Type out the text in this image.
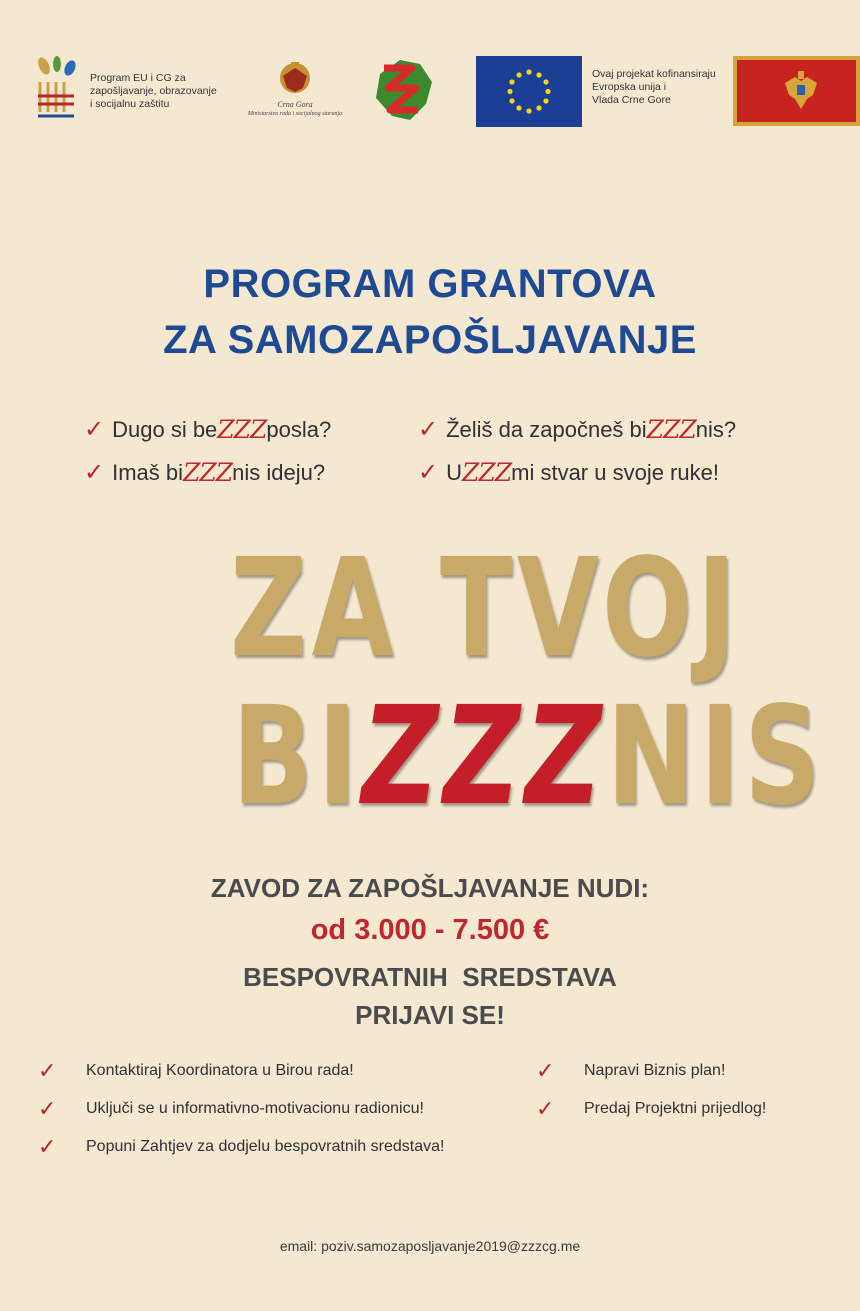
Program EU i CG za
zapošljavanje, obrazovanje
i socijalnu zaštitu	Crna Gora
Ministarstvo rada i socijalnog staranja
Ovaj projekat kofinansiraju
Evropska unija i
Vlada Crne Gore
PROGRAM GRANTOVA
ZA SAMOZAPOŠLJAVANJE
✓ Dugo si be ZZZ posla?	✓ Želiš da započneš bi ZZZ nis?
✓ Imaš bi ZZZ nis ideju?	✓ U ZZZ mi stvar u svoje ruke!
ZA TVOJ
BIZZZNIS
ZAVOD ZA ZAPOŠLJAVANJE NUDI:
od 3.000 - 7.500 €
BESPOVRATNIH  SREDSTAVA
PRIJAVI SE!
✓	Kontaktiraj Koordinatora u Birou rada!
✓	Uključi se u informativno-motivacionu radionicu!
✓	Popuni Zahtjev za dodjelu bespovratnih sredstava!
✓	Napravi Biznis plan!
✓	Predaj Projektni prijedlog!
email: poziv.samozaposljavanje2019@zzzcg.me
